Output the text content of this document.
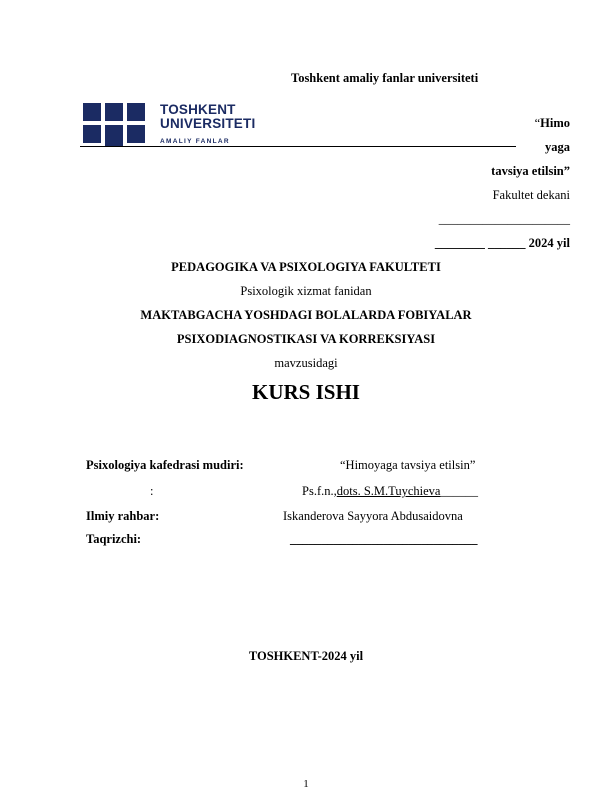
Toshkent amaliy fanlar universiteti
TOSHKENT
UNIVERSITETI
AMALIY FANLAR
“Himo
yaga
tavsiya etilsin”
Fakultet dekani
_____________________
________ ______ 2024 yil
PEDAGOGIKA VA PSIXOLOGIYA FAKULTETI
Psixologik xizmat fanidan
MAKTABGACHA YOSHDAGI BOLALARDA FOBIYALAR
PSIXODIAGNOSTIKASI VA KORREKSIYASI
mavzusidagi
KURS ISHI
Psixologiya kafedrasi mudiri:	“Himoyaga tavsiya etilsin”
:	Ps.f.n.,dots. S.M.Tuychieva______
Ilmiy rahbar:	Iskanderova Sayyora Abdusaidovna
Taqrizchi:	______________________________
TOSHKENT-2024 yil
1
